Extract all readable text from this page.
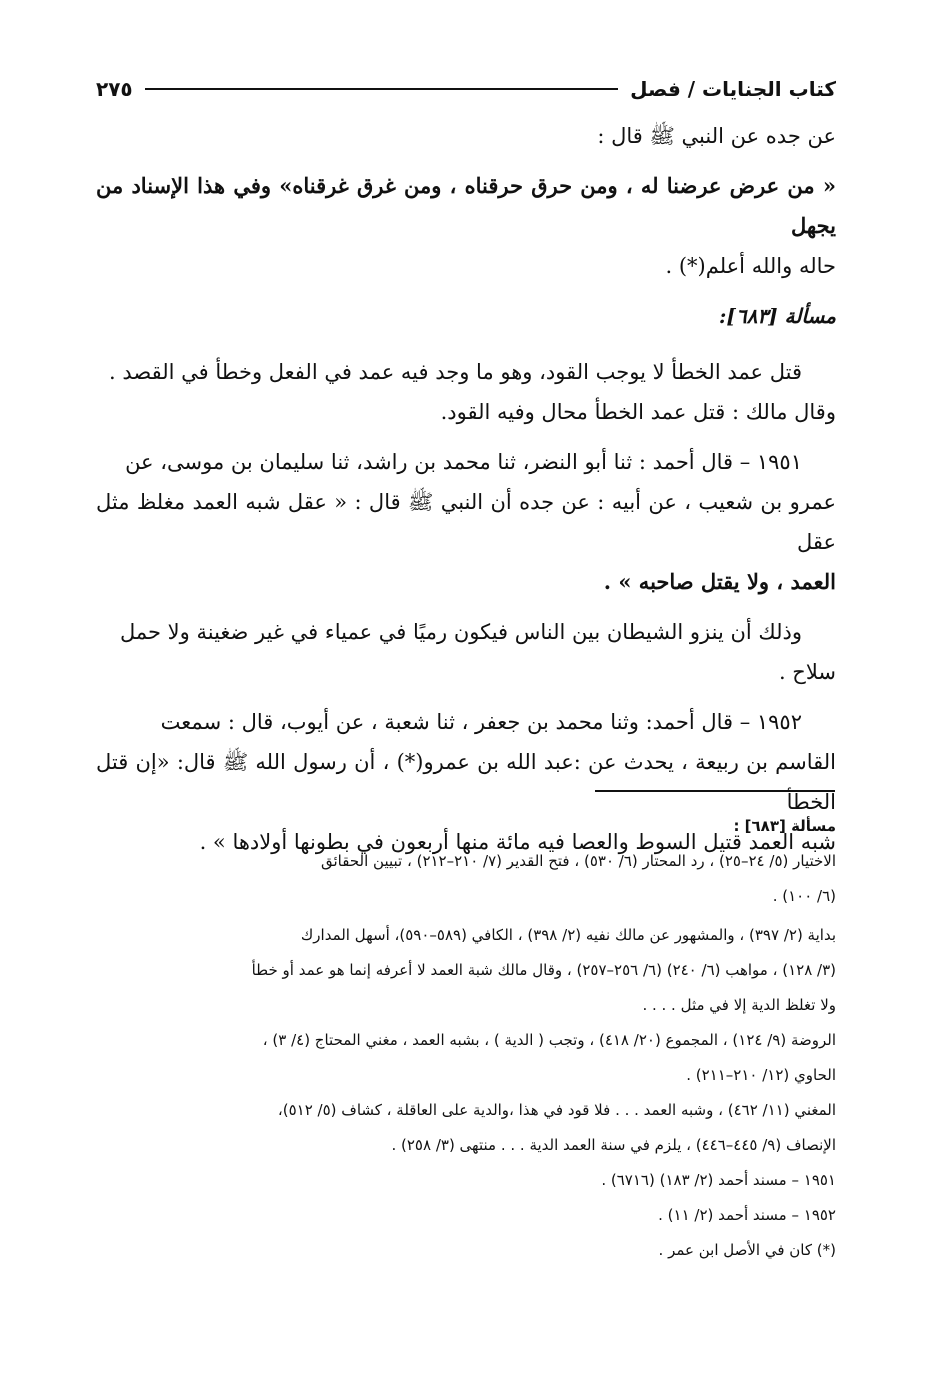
كتاب الجنايات / فصل
٢٧٥

عن جده عن النبي ﷺ قال :

« من عرض عرضنا له ، ومن حرق حرقناه ، ومن غرق غرقناه» وفي هذا الإسناد من يجهل

حاله والله أعلم(*) .

مسألة [٦٨٣]:

قتل عمد الخطأ لا يوجب القود، وهو ما وجد فيه عمد في الفعل وخطأ في القصد .

وقال مالك : قتل عمد الخطأ محال وفيه القود.

١٩٥١ – قال أحمد : ثنا أبو النضر، ثنا محمد بن راشد، ثنا سليمان بن موسى، عن

عمرو بن شعيب ، عن أبيه : عن جده أن النبي ﷺ قال : « عقل شبه العمد مغلظ مثل عقل

العمد ، ولا يقتل صاحبه » .

وذلك أن ينزو الشيطان بين الناس فيكون رميًا في عمياء في غير ضغينة ولا حمل

سلاح .

١٩٥٢ – قال أحمد: وثنا محمد بن جعفر ، ثنا شعبة ، عن أيوب، قال : سمعت

القاسم بن ربيعة ، يحدث عن :عبد الله بن عمرو(*) ، أن رسول الله ﷺ قال: «إن قتل الخطأ

شبه العمد قتيل السوط والعصا فيه مائة منها أربعون في بطونها أولادها » .

مسألة [٦٨٣] :

الاختيار (٥/ ٢٤–٢٥) ، رد المحتار (٦/ ٥٣٠) ، فتح القدير (٧/ ٢١٠–٢١٢) ، تبيين الحقائق

(٦/ ١٠٠) .

بداية (٢/ ٣٩٧) ، والمشهور عن مالك نفيه (٢/ ٣٩٨) ، الكافي (٥٨٩–٥٩٠)، أسهل المدارك

(٣/ ١٢٨) ، مواهب (٦/ ٢٤٠) (٦/ ٢٥٦–٢٥٧) ، وقال مالك شبة العمد لا أعرفه إنما هو عمد أو خطأ

ولا تغلظ الدية إلا في مثل . . . .

الروضة (٩/ ١٢٤) ، المجموع (٢٠/ ٤١٨) ، وتجب ( الدية ) ، بشبه العمد ، مغني المحتاج (٤/ ٣) ،

الحاوي (١٢/ ٢١٠–٢١١) .

المغني (١١/ ٤٦٢) ، وشبه العمد . . . فلا قود في هذا ،والدية على العاقلة ، كشاف (٥/ ٥١٢)،

الإنصاف (٩/ ٤٤٥–٤٤٦) ، يلزم في سنة العمد الدية . . . منتهى (٣/ ٢٥٨) .

١٩٥١ – مسند أحمد (٢/ ١٨٣) (٦٧١٦) .

١٩٥٢ – مسند أحمد (٢/ ١١) .

(*) كان في الأصل ابن عمر .
